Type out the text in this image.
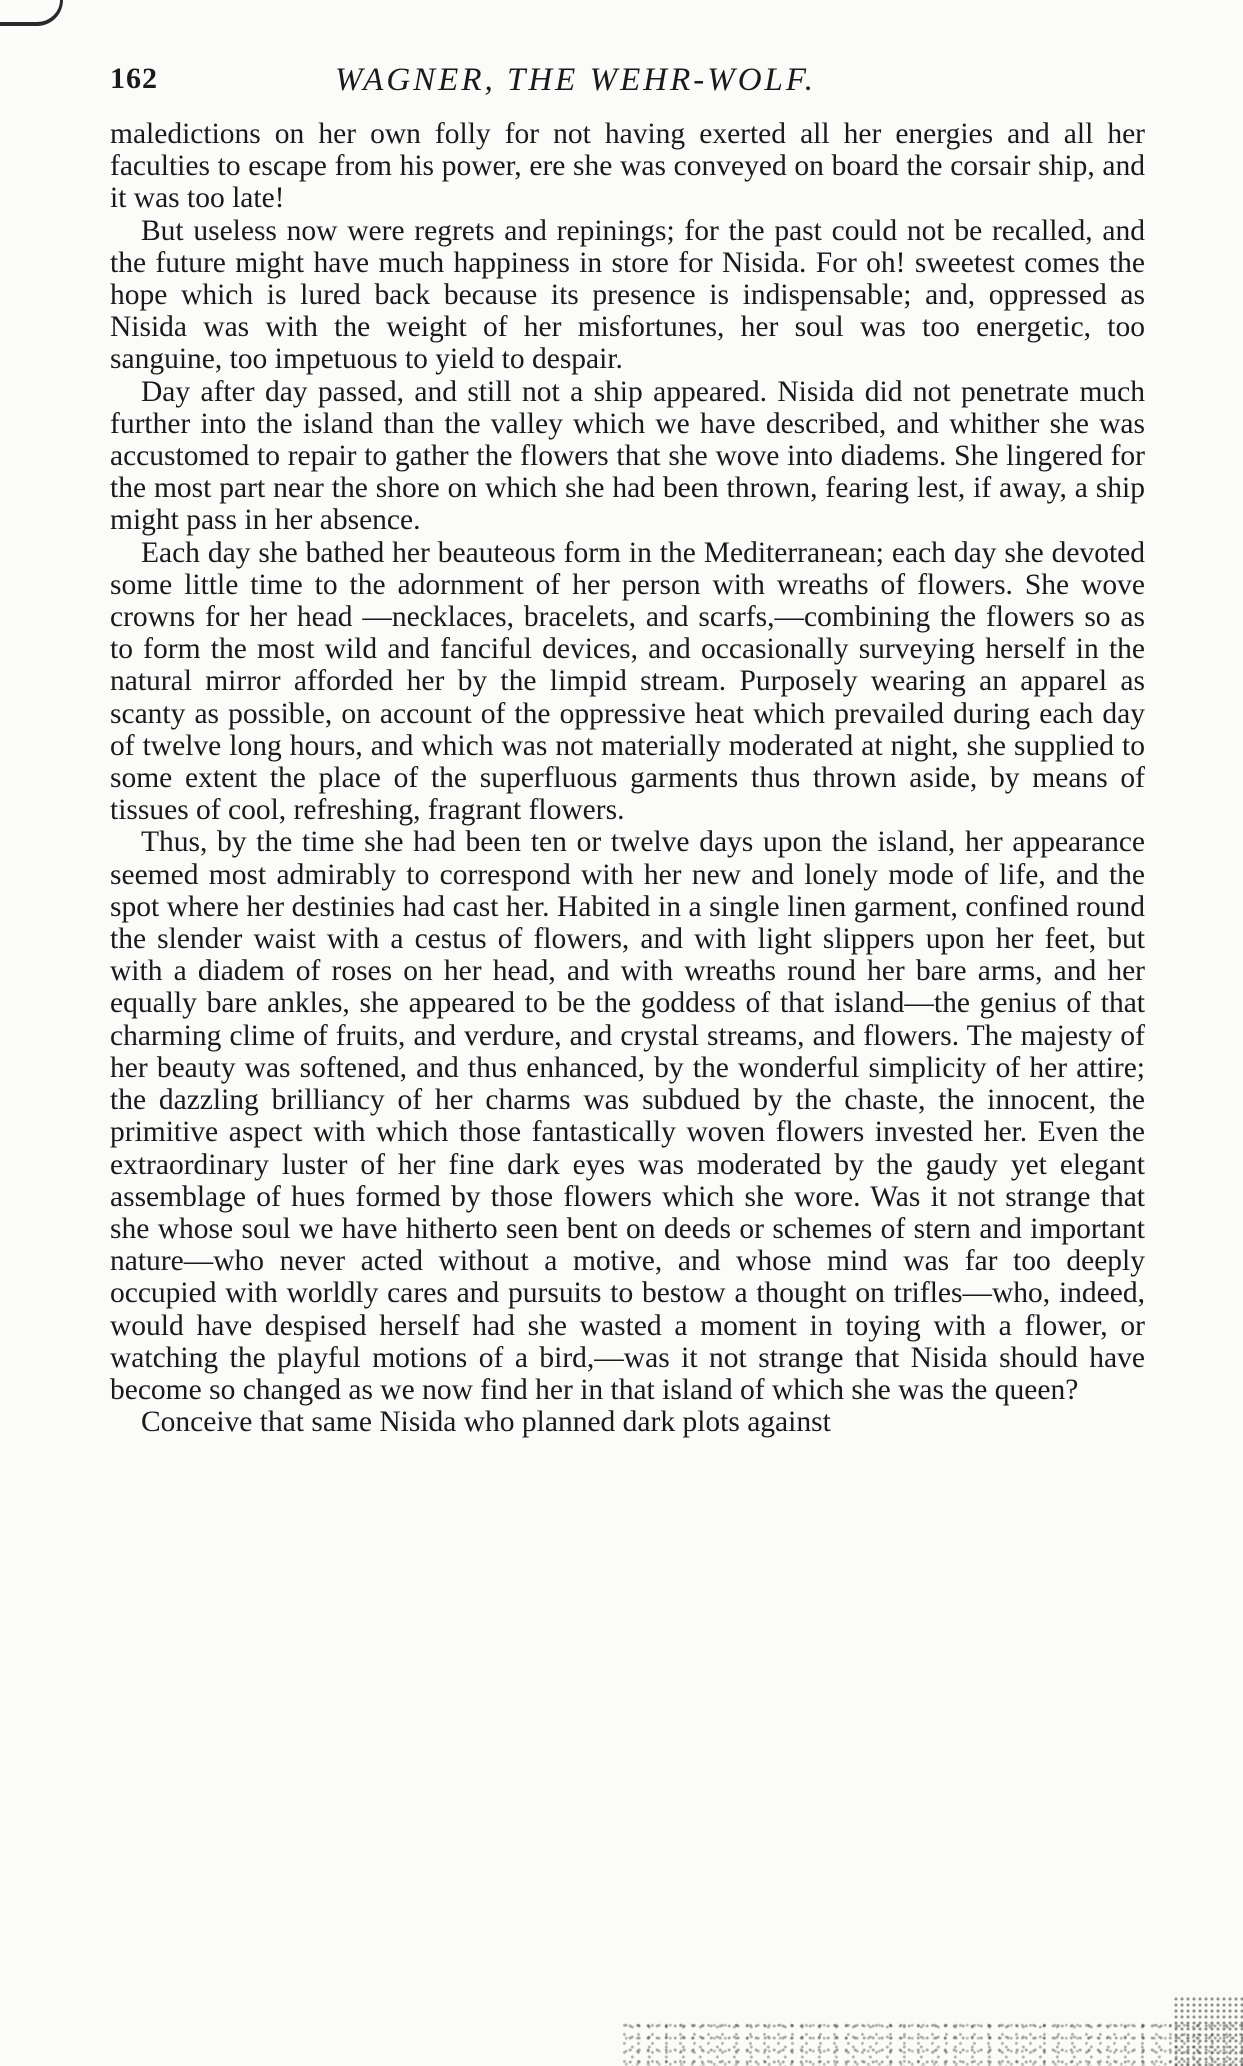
162	WAGNER, THE WEHR-WOLF.

maledictions on her own folly for not having exerted all her energies and all her faculties to escape from his power, ere she was conveyed on board the corsair ship, and it was too late!

But useless now were regrets and repinings; for the past could not be recalled, and the future might have much happiness in store for Nisida. For oh! sweetest comes the hope which is lured back because its presence is indispensable; and, oppressed as Nisida was with the weight of her misfortunes, her soul was too energetic, too sanguine, too impetuous to yield to despair.

Day after day passed, and still not a ship appeared. Nisida did not penetrate much further into the island than the valley which we have described, and whither she was accustomed to repair to gather the flowers that she wove into diadems. She lingered for the most part near the shore on which she had been thrown, fearing lest, if away, a ship might pass in her absence.

Each day she bathed her beauteous form in the Mediterranean; each day she devoted some little time to the adornment of her person with wreaths of flowers. She wove crowns for her head —necklaces, bracelets, and scarfs,—combining the flowers so as to form the most wild and fanciful devices, and occasionally surveying herself in the natural mirror afforded her by the limpid stream. Purposely wearing an apparel as scanty as possible, on account of the oppressive heat which prevailed during each day of twelve long hours, and which was not materially moderated at night, she supplied to some extent the place of the superfluous garments thus thrown aside, by means of tissues of cool, refreshing, fragrant flowers.

Thus, by the time she had been ten or twelve days upon the island, her appearance seemed most admirably to correspond with her new and lonely mode of life, and the spot where her destinies had cast her. Habited in a single linen garment, confined round the slender waist with a cestus of flowers, and with light slippers upon her feet, but with a diadem of roses on her head, and with wreaths round her bare arms, and her equally bare ankles, she appeared to be the goddess of that island—the genius of that charming clime of fruits, and verdure, and crystal streams, and flowers. The majesty of her beauty was softened, and thus enhanced, by the wonderful simplicity of her attire; the dazzling brilliancy of her charms was subdued by the chaste, the innocent, the primitive aspect with which those fantastically woven flowers invested her. Even the extraordinary luster of her fine dark eyes was moderated by the gaudy yet elegant assemblage of hues formed by those flowers which she wore. Was it not strange that she whose soul we have hitherto seen bent on deeds or schemes of stern and important nature—who never acted without a motive, and whose mind was far too deeply occupied with worldly cares and pursuits to bestow a thought on trifles—who, indeed, would have despised herself had she wasted a moment in toying with a flower, or watching the playful motions of a bird,—was it not strange that Nisida should have become so changed as we now find her in that island of which she was the queen?

Conceive that same Nisida who planned dark plots against
